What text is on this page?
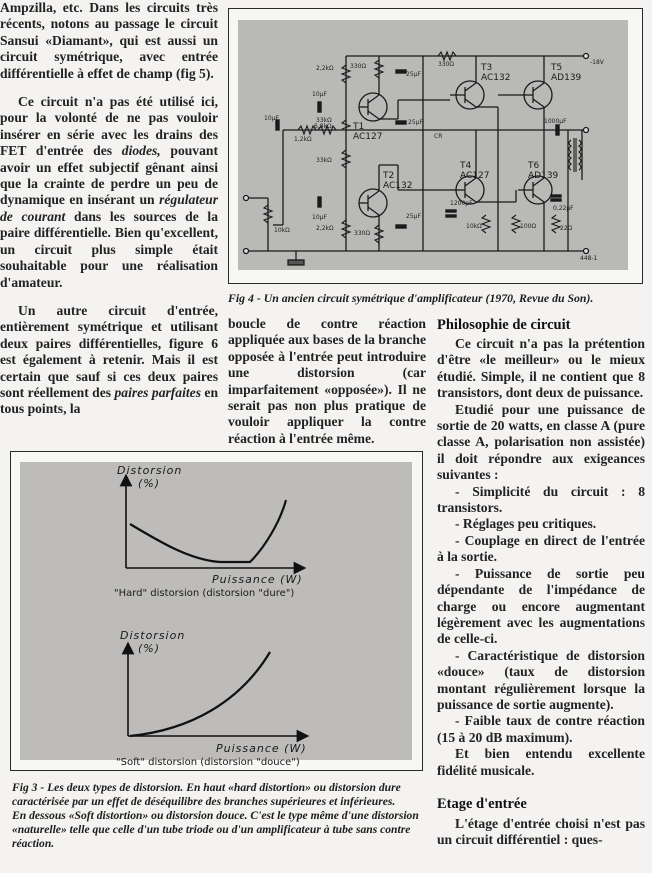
Ampzilla, etc. Dans les circuits très récents, notons au passage le circuit Sansui «Diamant», qui est aussi un circuit symétrique, avec entrée différentielle à effet de champ (fig 5).

Ce circuit n'a pas été utilisé ici, pour la volonté de ne pas vouloir insérer en série avec les drains des FET d'entrée des diodes, pouvant avoir un effet subjectif gênant ainsi que la crainte de perdre un peu de dynamique en insérant un régulateur de courant dans les sources de la paire différentielle. Bien qu'excellent, un circuit plus simple était souhaitable pour une réalisation d'amateur.

Un autre circuit d'entrée, entièrement symétrique et utilisant deux paires différentielles, figure 6 est également à retenir. Mais il est certain que sauf si ces deux paires sont réellement des paires parfaites en tous points, la

2,2kΩ	330Ω
25µF
10µF
33kΩ
6,8kΩ
10µF
1,2kΩ
33kΩ
10µF
2,2kΩ
330Ω
25µF
10kΩ
25µF
CR
330Ω
1200pF
10kΩ	100Ω
1000µF
0,22µF
22Ω
448-1
-18V
T1
AC127
T2
AC132
T3
AC132
T4
AC127
T5
AD139
T6
AD139
Fig 4 - Un ancien circuit symétrique d'amplificateur (1970, Revue du Son).

boucle de contre réaction appliquée aux bases de la branche opposée à l'entrée peut introduire une distorsion (car imparfaitement «opposée»). Il ne serait pas non plus pratique de vouloir appliquer la contre réaction à l'entrée même.

Philosophie de circuit

Ce circuit n'a pas la prétention d'être «le meilleur» ou le mieux étudié. Simple, il ne contient que 8 transistors, dont deux de puissance.

Etudié pour une puissance de sortie de 20 watts, en classe A (pure classe A, polarisation non assistée) il doit répondre aux exigeances suivantes :

- Simplicité du circuit : 8 transistors.

- Réglages peu critiques.

- Couplage en direct de l'entrée à la sortie.

- Puissance de sortie peu dépendante de l'impédance de charge ou encore augmentant légèrement avec les augmentations de celle-ci.

- Caractéristique de distorsion «douce» (taux de distorsion montant régulièrement lorsque la puissance de sortie augmente).

- Faible taux de contre réaction (15 à 20 dB maximum).

Et bien entendu excellente fidélité musicale.

Etage d'entrée

L'étage d'entrée choisi n'est pas un circuit différentiel : ques-

Distorsion
(%)
Puissance (W)
"Hard" distorsion (distorsion "dure")
Distorsion
(%)
Puissance (W)
"Soft" distorsion (distorsion "douce")
Fig 3 - Les deux types de distorsion. En haut «hard distortion» ou distorsion dure caractérisée par un effet de déséquilibre des branches supérieures et inférieures.
En dessous «Soft distortion» ou distorsion douce. C'est le type même d'une distorsion «naturelle» telle que celle d'un tube triode ou d'un amplificateur à tube sans contre réaction.
